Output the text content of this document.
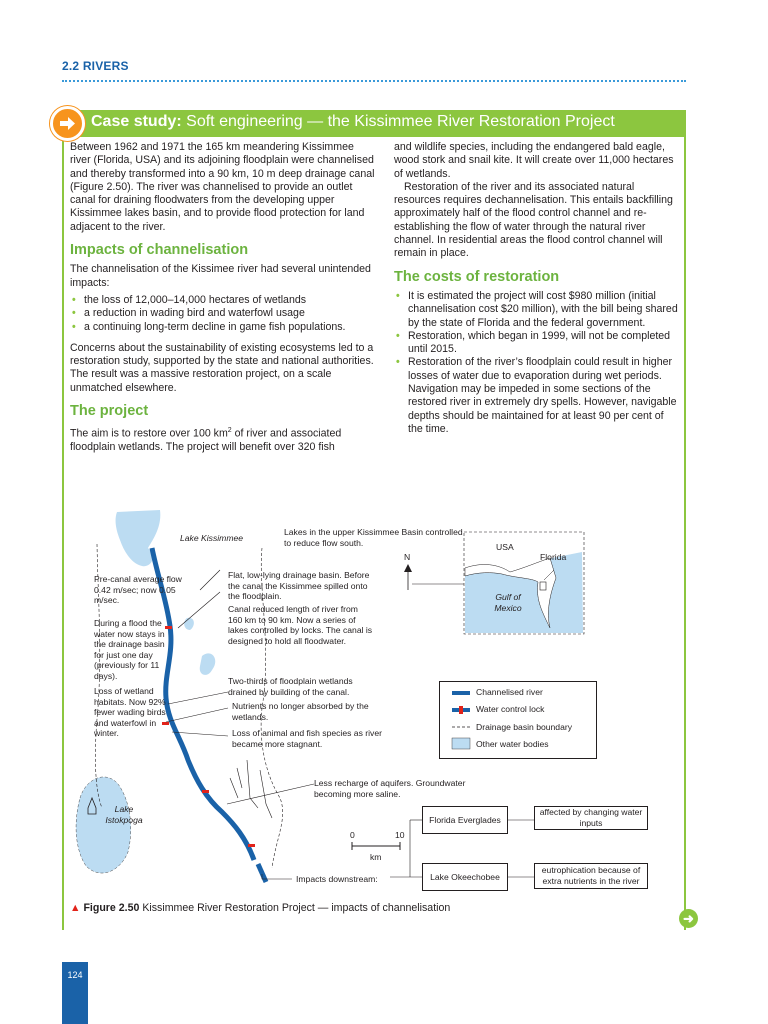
2.2 RIVERS
Case study: Soft engineering — the Kissimmee River Restoration Project

Between 1962 and 1971 the 165 km meandering Kissimmee river (Florida, USA) and its adjoining floodplain were channelised and thereby transformed into a 90 km, 10 m deep drainage canal (Figure 2.50). The river was channelised to provide an outlet canal for draining floodwaters from the developing upper Kissimmee lakes basin, and to provide flood protection for land adjacent to the river.

Impacts of channelisation

The channelisation of the Kissimee river had several unintended impacts:

• the loss of 12,000–14,000 hectares of wetlands
• a reduction in wading bird and waterfowl usage
• a continuing long-term decline in game fish populations.

Concerns about the sustainability of existing ecosystems led to a restoration study, supported by the state and national authorities. The result was a massive restoration project, on a scale unmatched elsewhere.

The project

The aim is to restore over 100 $km^2$ of river and associated floodplain wetlands. The project will benefit over 320 fish

and wildlife species, including the endangered bald eagle, wood stork and snail kite. It will create over 11,000 hectares of wetlands.

Restoration of the river and its associated natural resources requires dechannelisation. This entails backfilling approximately half of the flood control channel and re-establishing the flow of water through the natural river channel. In residential areas the flood control channel will remain in place.

The costs of restoration
• It is estimated the project will cost $980 million (initial channelisation cost $20 million), with the bill being shared by the state of Florida and the federal government.
• Restoration, which began in 1999, will not be completed until 2015.
• Restoration of the river’s floodplain could result in higher losses of water due to evaporation during wet periods. Navigation may be impeded in some sections of the restored river in extremely dry spells. However, navigable depths should be maintained for at least 90 per cent of the time.
Lake Kissimmee
Lakes in the upper Kissimmee Basin controlled to reduce flow south.
Pre-canal average flow 0.42 m/sec; now 0.05 m/sec.
Flat, low-lying drainage basin. Before the canal the Kissimmee spilled onto the floodplain.
Canal reduced length of river from 160 km to 90 km. Now a series of lakes controlled by locks. The canal is designed to hold all floodwater.
During a flood the water now stays in the drainage basin for just one day (previously for 11 days).
Loss of wetland habitats. Now 92% fewer wading birds and waterfowl in winter.
Two-thirds of floodplain wetlands drained by building of the canal.
Nutrients no longer absorbed by the wetlands.
Loss of animal and fish species as river became more stagnant.
Less recharge of aquifers. Groundwater becoming more saline.
Lake Istokpoga
Impacts downstream:
N
0	10
km
USA
Florida
Gulf of Mexico
Channelised river
Water control lock
Drainage basin boundary
Other water bodies
Florida Everglades
affected by changing water inputs
Lake Okeechobee
eutrophication because of extra nutrients in the river
▲ Figure 2.50 Kissimmee River Restoration Project — impacts of channelisation
➜
124
